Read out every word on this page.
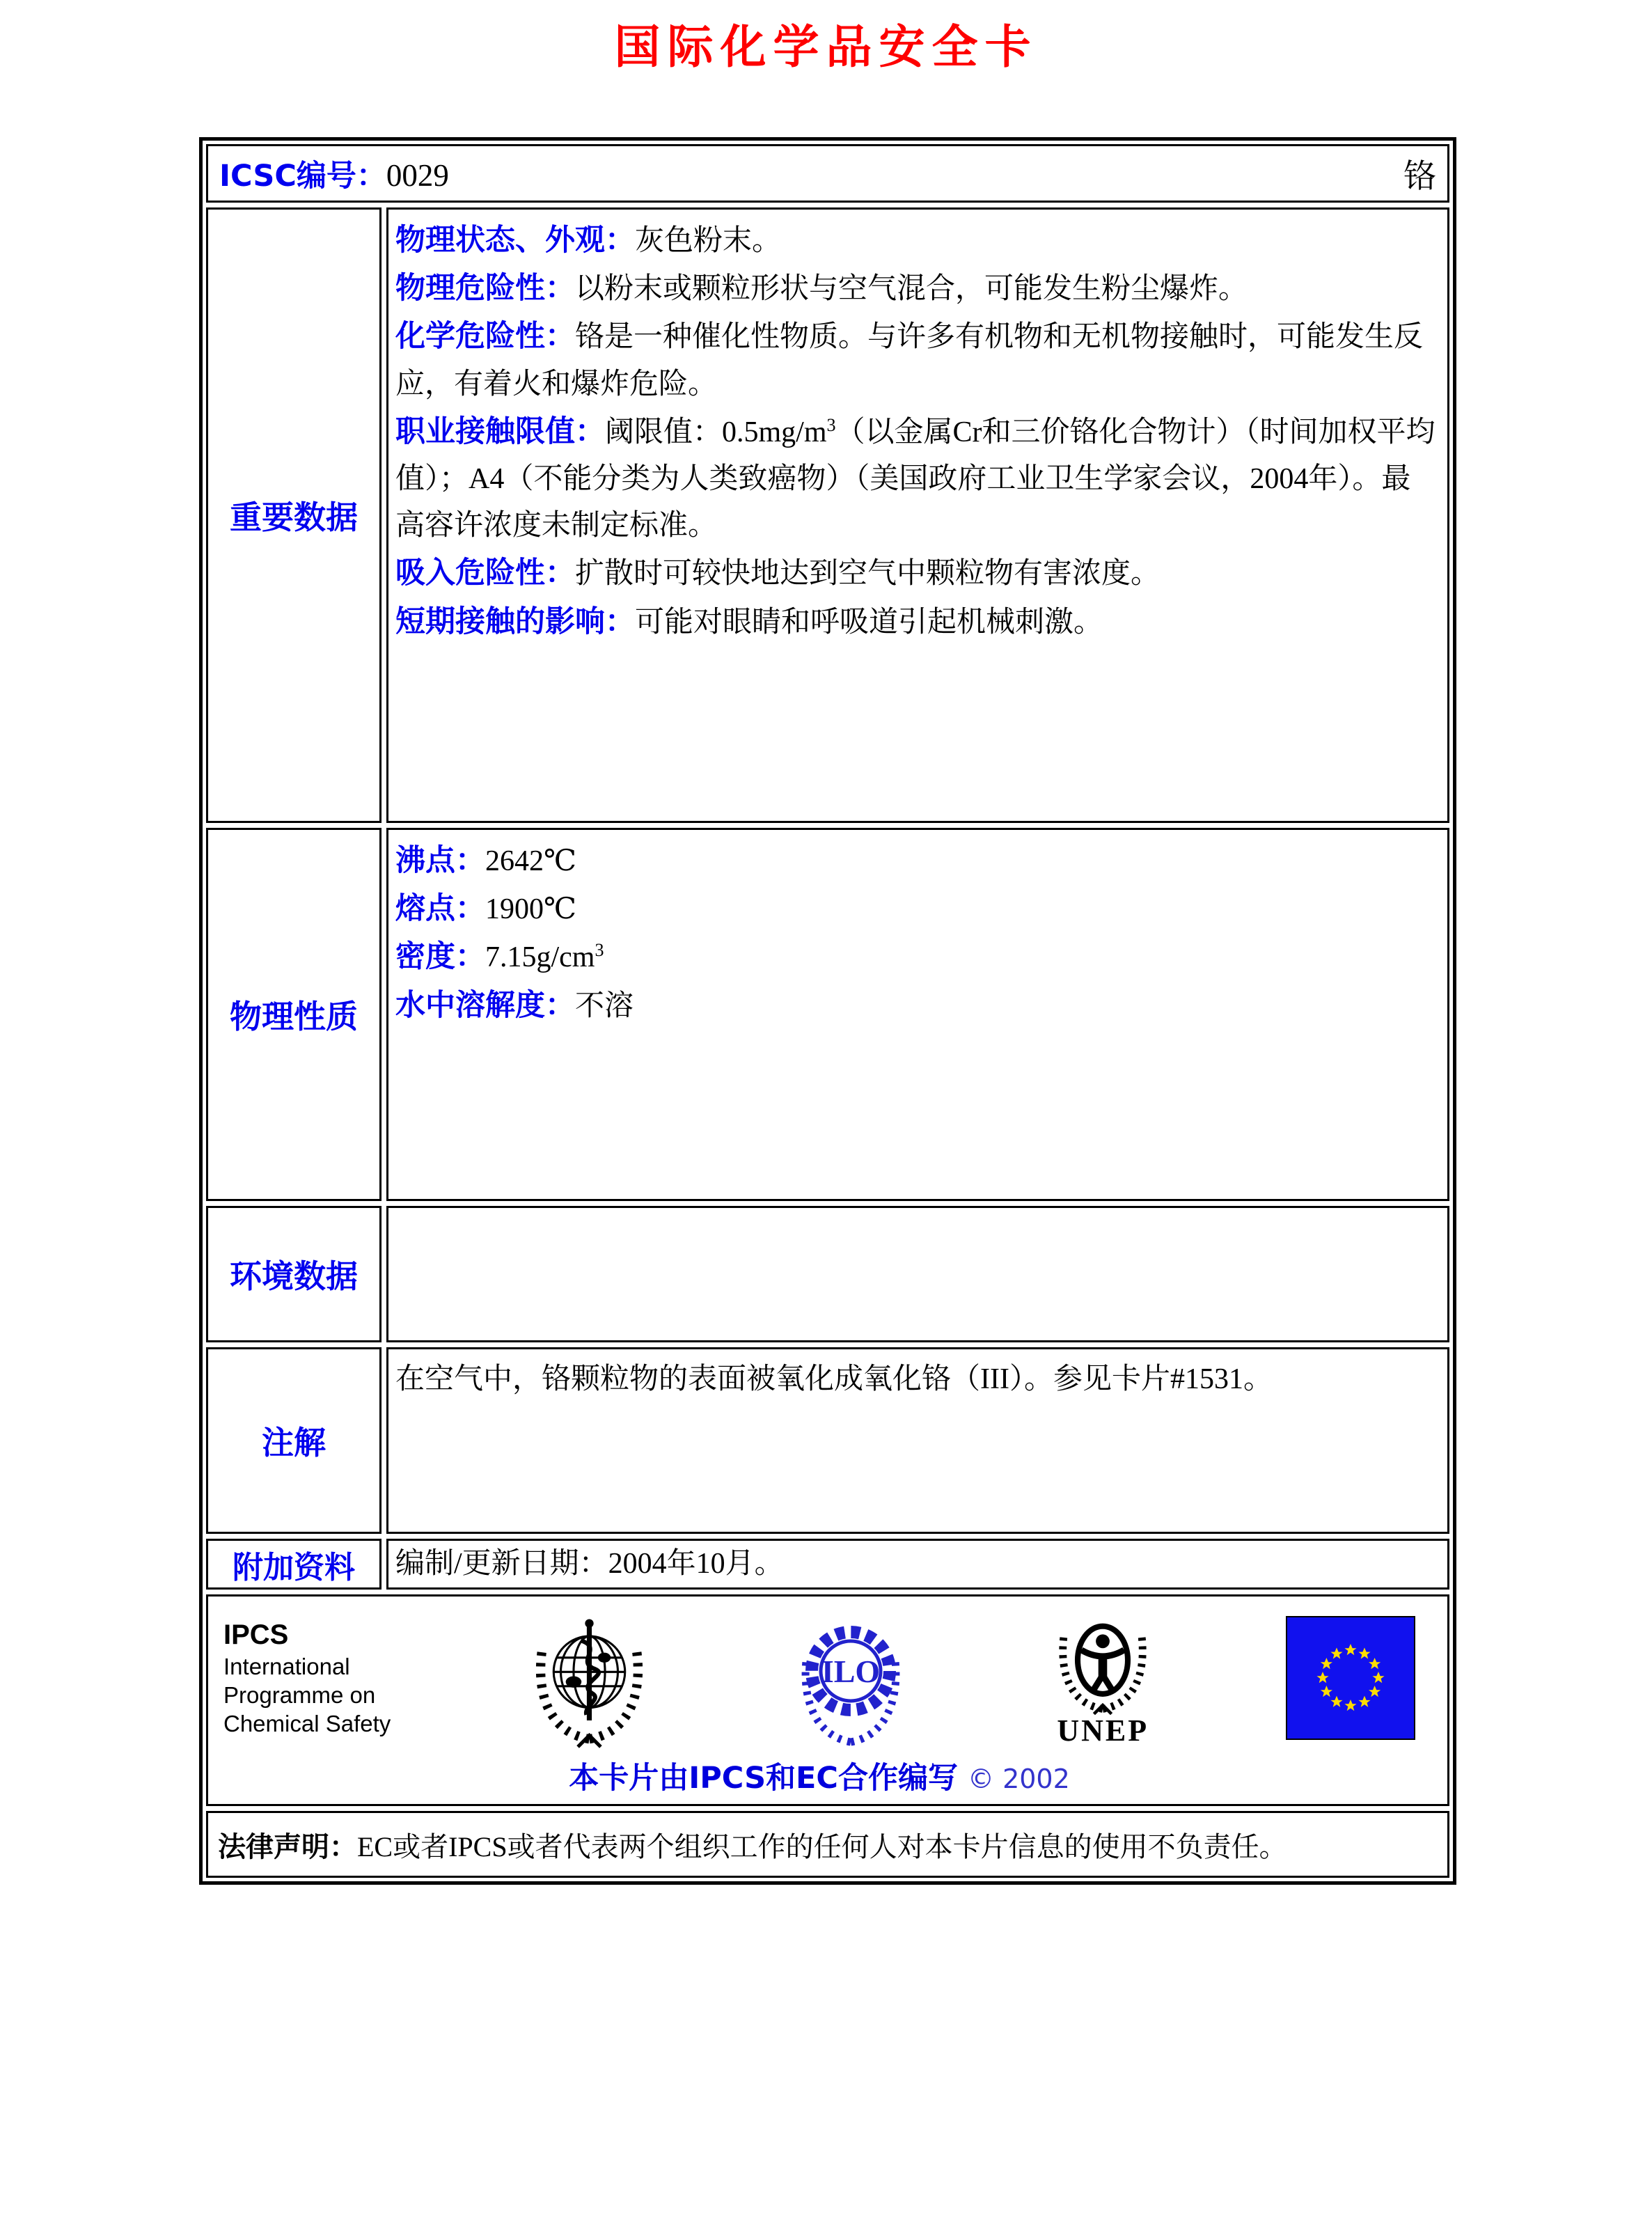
国际化学品安全卡
ICSC编号：0029	铬
重要数据

物理状态、外观：灰色粉末。

物理危险性：以粉末或颗粒形状与空气混合，可能发生粉尘爆炸。

化学危险性：铬是一种催化性物质。与许多有机物和无机物接触时，可能发生反应，有着火和爆炸危险。

职业接触限值：阈限值：$0.5mg/m^3$（以金属Cr和三价铬化合物计）（时间加权平均值）；A4（不能分类为人类致癌物）（美国政府工业卫生学家会议，2004年）。最高容许浓度未制定标准。

吸入危险性：扩散时可较快地达到空气中颗粒物有害浓度。

短期接触的影响：可能对眼睛和呼吸道引起机械刺激。

物理性质

沸点：2642℃

熔点：1900℃

密度：$7.15g/cm^3$

水中溶解度：不溶

环境数据

注解

在空气中，铬颗粒物的表面被氧化成氧化铬（III）。参见卡片#1531。

附加资料 编制/更新日期：2004年10月。

IPCS
International
Programme on
Chemical Safety
ILO
UNEP
本卡片由IPCS和EC合作编写 © 2002
法律声明： EC或者IPCS或者代表两个组织工作的任何人对本卡片信息的使用不负责任。
